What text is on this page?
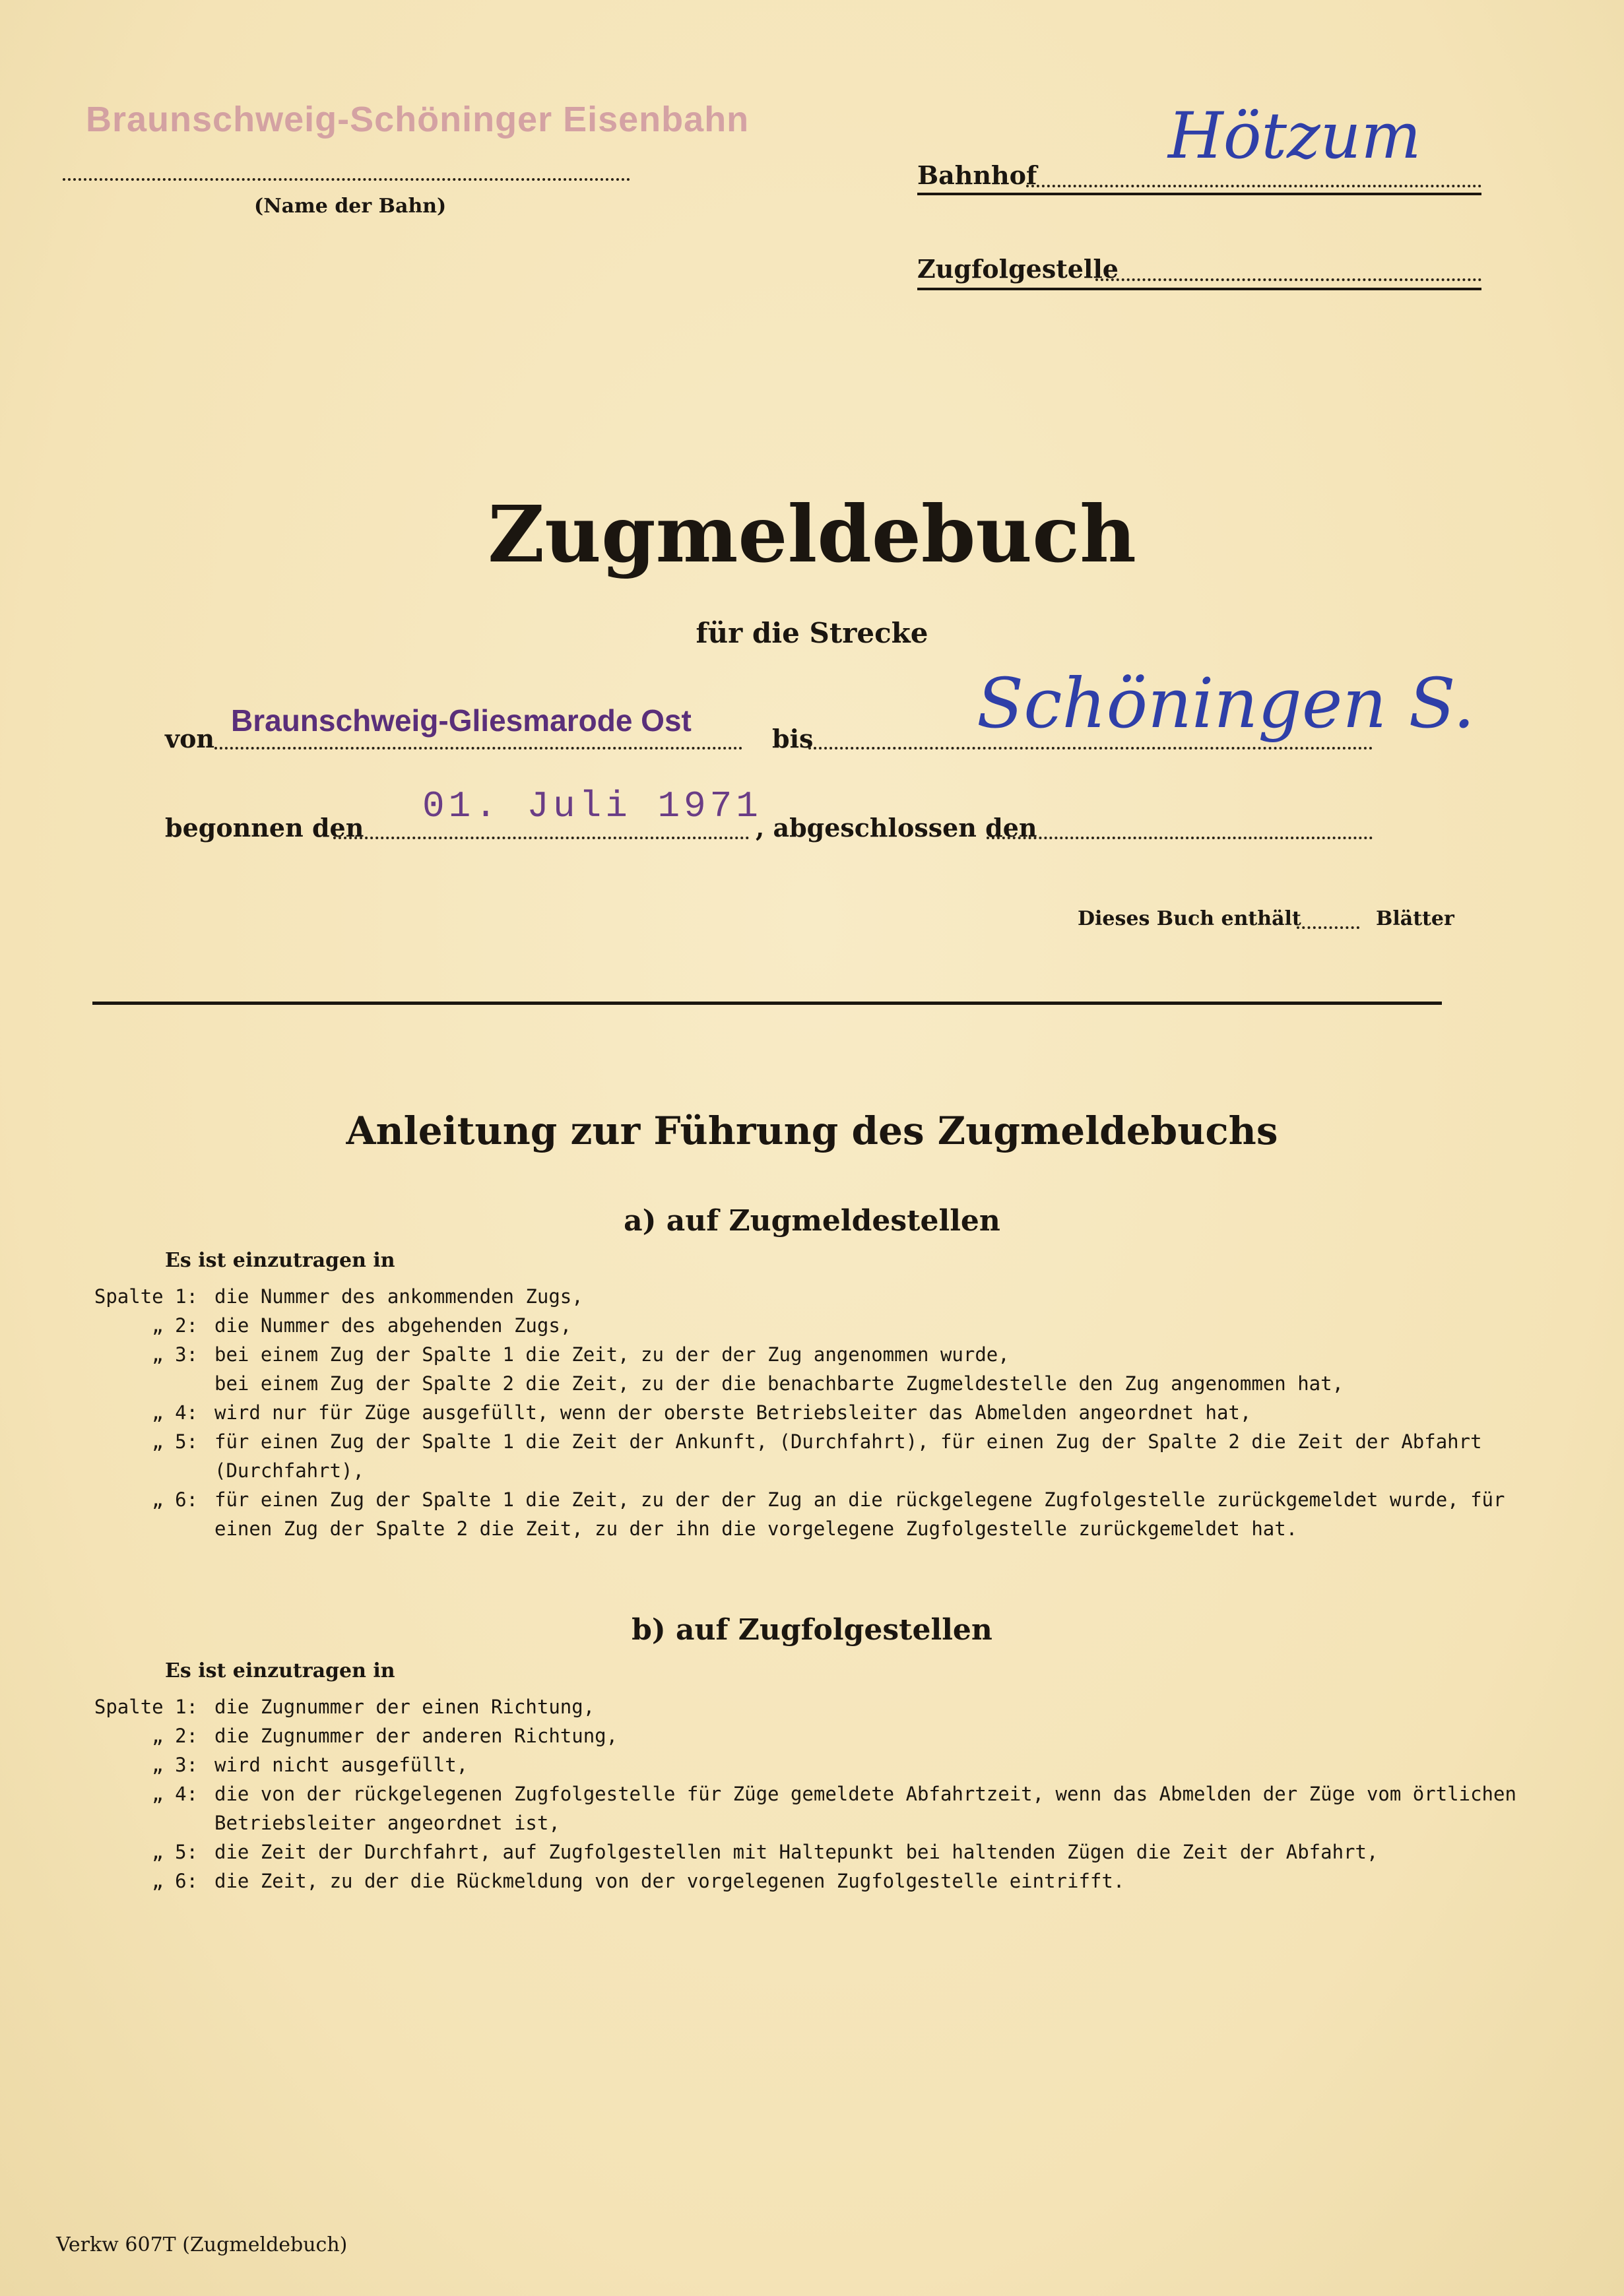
Braunschweig-Schöninger Eisenbahn
(Name der Bahn)
Bahnhof
Hötzum
Zugfolgestelle
Zugmeldebuch
für die Strecke
von
Braunschweig-Gliesmarode Ost
bis Schöningen S.
begonnen den
01. Juli 1971
, abgeschlossen den
Dieses Buch enthält	Blätter
Anleitung zur Führung des Zugmeldebuchs
a) auf Zugmeldestellen
Es ist einzutragen in
Spalte 1: die Nummer des ankommenden Zugs,
„ 2: die Nummer des abgehenden Zugs,
„ 3: bei einem Zug der Spalte 1 die Zeit, zu der der Zug angenommen wurde,
bei einem Zug der Spalte 2 die Zeit, zu der die benachbarte Zugmeldestelle den Zug angenommen hat,
„ 4: wird nur für Züge ausgefüllt, wenn der oberste Betriebsleiter das Abmelden angeordnet hat,
„ 5: für einen Zug der Spalte 1 die Zeit der Ankunft, (Durchfahrt), für einen Zug der Spalte 2 die Zeit der Abfahrt
(Durchfahrt),
„ 6: für einen Zug der Spalte 1 die Zeit, zu der der Zug an die rückgelegene Zugfolgestelle zurückgemeldet wurde, für
einen Zug der Spalte 2 die Zeit, zu der ihn die vorgelegene Zugfolgestelle zurückgemeldet hat.
b) auf Zugfolgestellen
Es ist einzutragen in
Spalte 1: die Zugnummer der einen Richtung,
„ 2: die Zugnummer der anderen Richtung,
„ 3: wird nicht ausgefüllt,
„ 4: die von der rückgelegenen Zugfolgestelle für Züge gemeldete Abfahrtzeit, wenn das Abmelden der Züge vom örtlichen
Betriebsleiter angeordnet ist,
„ 5: die Zeit der Durchfahrt, auf Zugfolgestellen mit Haltepunkt bei haltenden Zügen die Zeit der Abfahrt,
„ 6: die Zeit, zu der die Rückmeldung von der vorgelegenen Zugfolgestelle eintrifft.
Verkw 607T (Zugmeldebuch)
